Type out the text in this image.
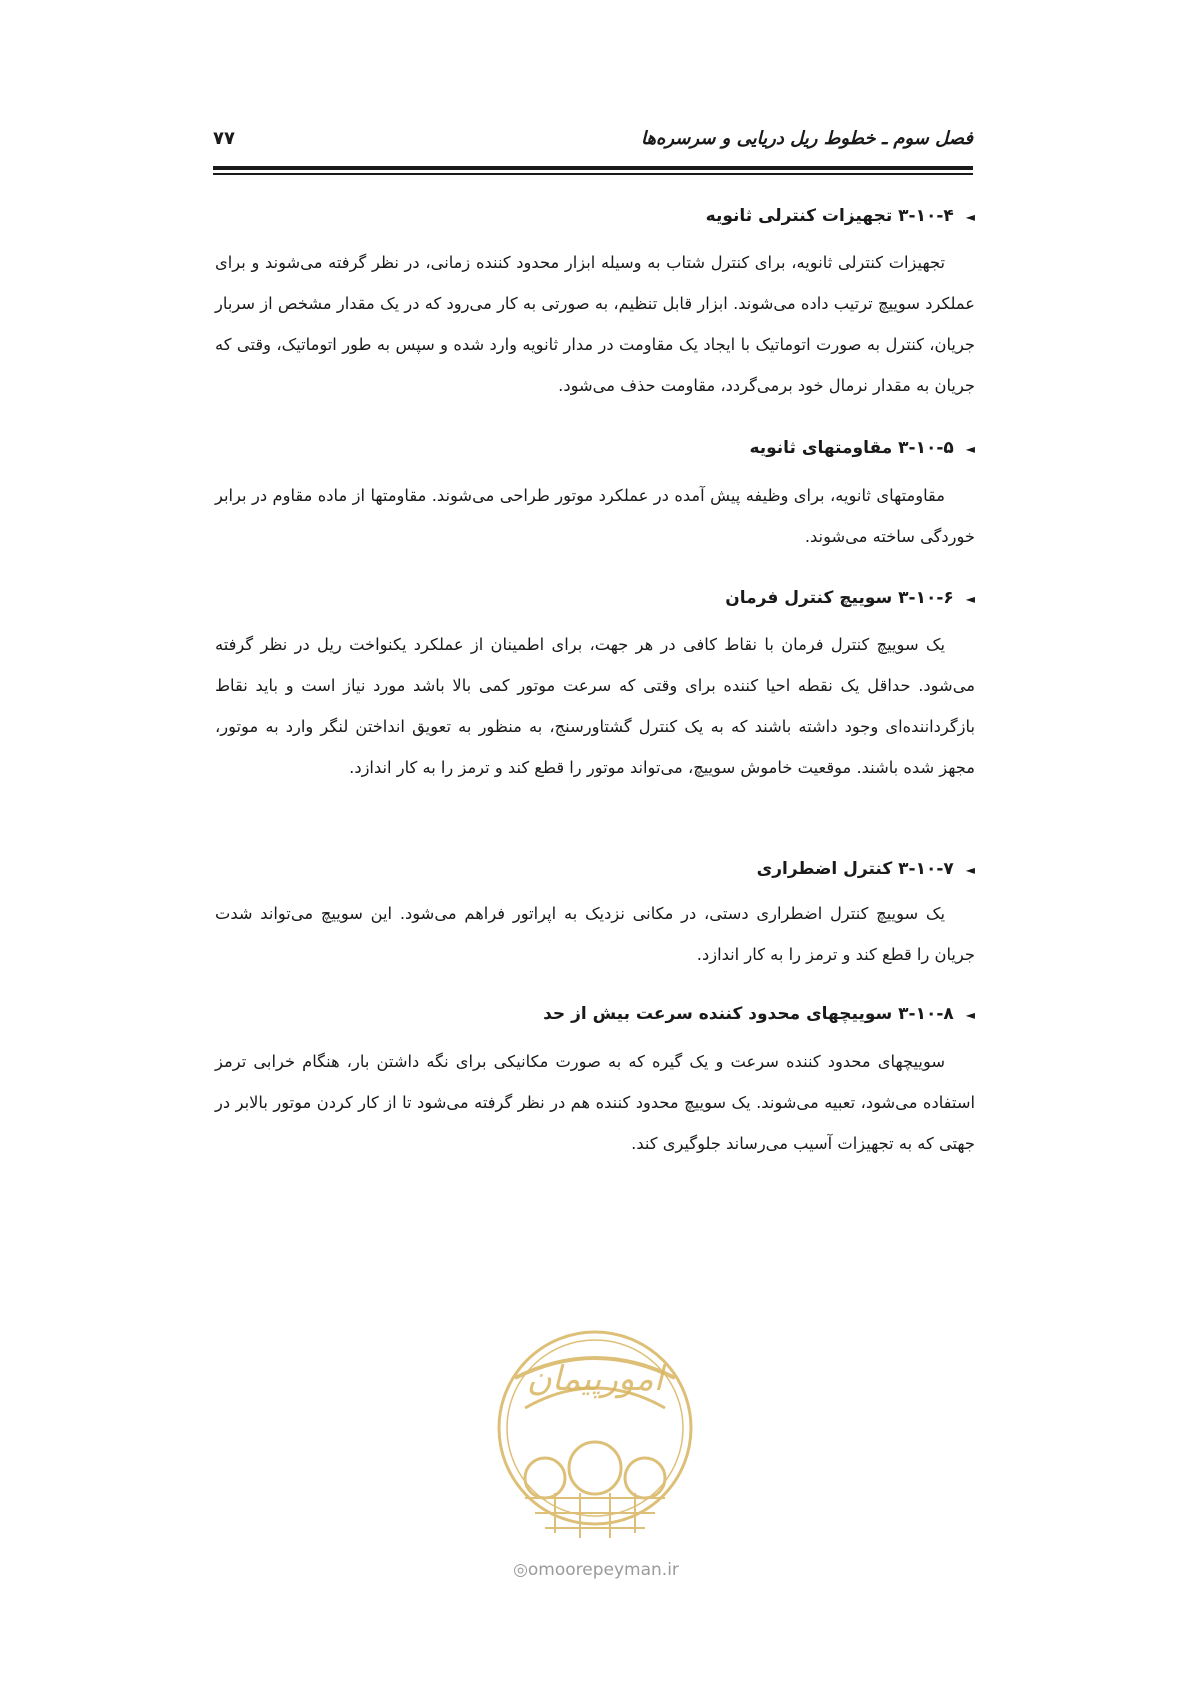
فصل سوم ـ خطوط ریل دریایی و سرسره‌ها
۷۷
◄۳-۱۰-۴ تجهیزات کنترلی ثانویه

تجهیزات کنترلی ثانویه، برای کنترل شتاب به وسیله ابزار محدود کننده زمانی، در نظر گرفته می‌شوند و برای عملکرد سوییچ ترتیب داده می‌شوند. ابزار قابل تنظیم، به صورتی به کار می‌رود که در یک مقدار مشخص از سربار جریان، کنترل به صورت اتوماتیک با ایجاد یک مقاومت در مدار ثانویه وارد شده و سپس به طور اتوماتیک، وقتی که جریان به مقدار نرمال خود برمی‌گردد، مقاومت حذف می‌شود.

◄۳-۱۰-۵ مقاومتهای ثانویه

مقاومتهای ثانویه، برای وظیفه پیش آمده در عملکرد موتور طراحی می‌شوند. مقاومتها از ماده مقاوم در برابر خوردگی ساخته می‌شوند.

◄۳-۱۰-۶ سوییچ کنترل فرمان

یک سوییچ کنترل فرمان با نقاط کافی در هر جهت، برای اطمینان از عملکرد یکنواخت ریل در نظر گرفته می‌شود. حداقل یک نقطه احیا کننده برای وقتی که سرعت موتور کمی بالا باشد مورد نیاز است و باید نقاط بازگرداننده‌ای وجود داشته باشند که به یک کنترل گشتاورسنج، به منظور به تعویق انداختن لنگر وارد به موتور، مجهز شده باشند. موقعیت خاموش سوییچ، می‌تواند موتور را قطع کند و ترمز را به کار اندازد.

◄۳-۱۰-۷ کنترل اضطراری

یک سوییچ کنترل اضطراری دستی، در مکانی نزدیک به اپراتور فراهم می‌شود. این سوییچ می‌تواند شدت جریان را قطع کند و ترمز را به کار اندازد.

◄۳-۱۰-۸ سوییچهای محدود کننده سرعت بیش از حد

سوییچهای محدود کننده سرعت و یک گیره که به صورت مکانیکی برای نگه داشتن بار، هنگام خرابی ترمز استفاده می‌شود، تعبیه می‌شوند. یک سوییچ محدود کننده هم در نظر گرفته می‌شود تا از کار کردن موتور بالابر در جهتی که به تجهیزات آسیب می‌رساند جلوگیری کند.

امورپیمان
◎omoorepeyman.ir
